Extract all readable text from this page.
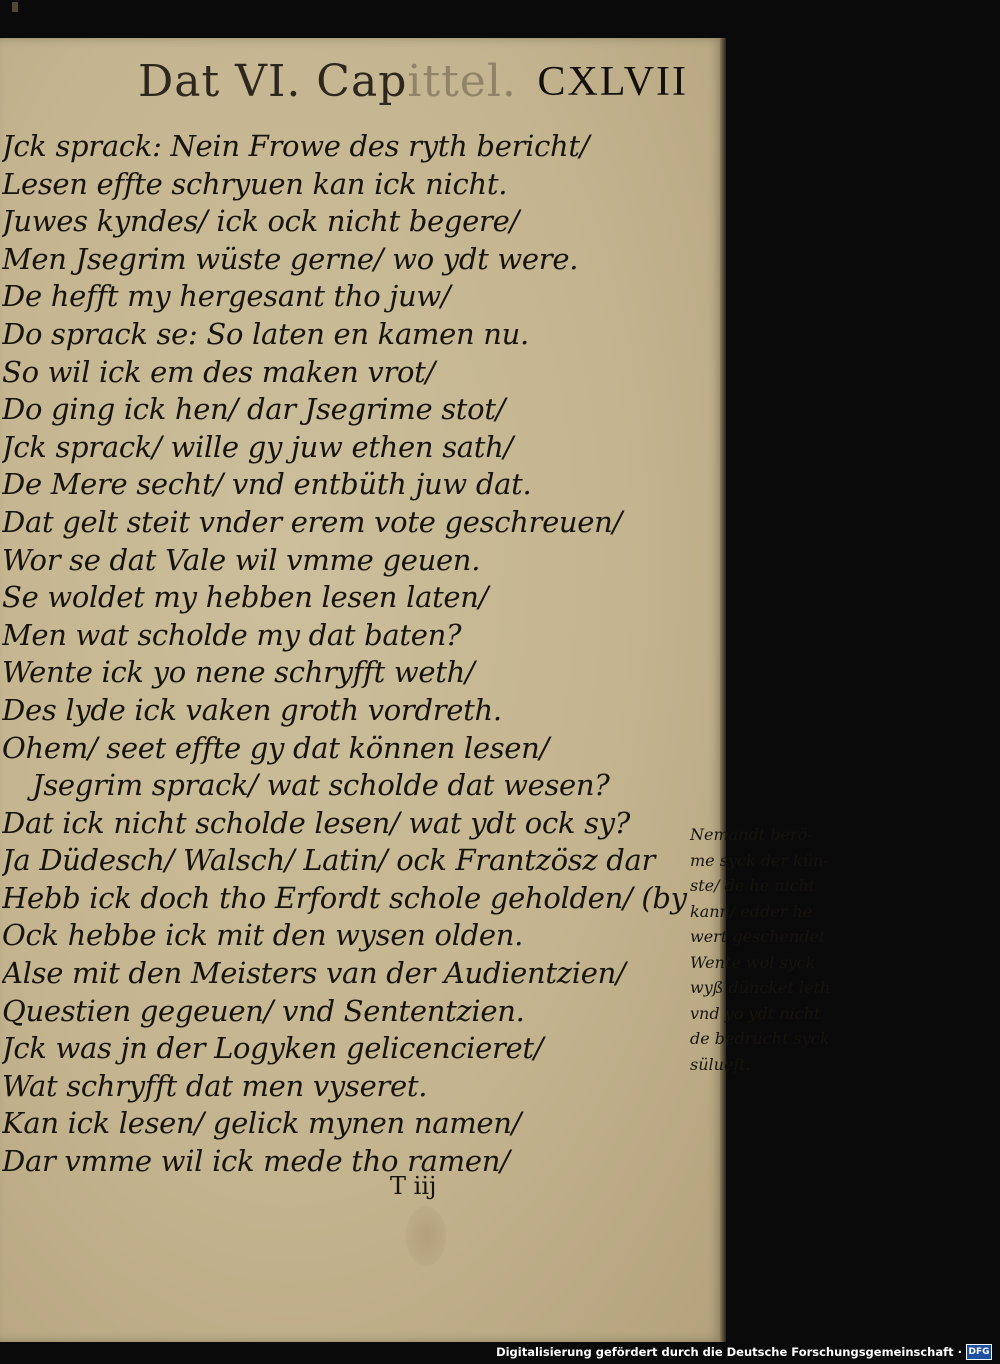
Dat VI. Capittel. CXLVII
Jck sprack: Nein Frowe des ryth bericht/
Lesen effte schryuen kan ick nicht.
Juwes kyndes/ ick ock nicht begere/
Men Jsegrim wüste gerne/ wo ydt were.
De hefft my hergesant tho juw/
Do sprack se: So laten en kamen nu.
So wil ick em des maken vrot/
Do ging ick hen/ dar Jsegrime stot/
Jck sprack/ wille gy juw ethen sath/
De Mere secht/ vnd entbüth juw dat.
Dat gelt steit vnder erem vote geschreuen/
Wor se dat Vale wil vmme geuen.
Se woldet my hebben lesen laten/
Men wat scholde my dat baten?
Wente ick yo nene schryfft weth/
Des lyde ick vaken groth vordreth.
Ohem/ seet effte gy dat können lesen/
Jsegrim sprack/ wat scholde dat wesen?
Dat ick nicht scholde lesen/ wat ydt ock sy?
Ja Düdesch/ Walsch/ Latin/ ock Frantzösz dar
Hebb ick doch tho Erfordt schole geholden/ (by
Ock hebbe ick mit den wysen olden.
Alse mit den Meisters van der Audientzien/
Questien gegeuen/ vnd Sententzien.
Jck was jn der Logyken gelicencieret/
Wat schryfft dat men vyseret.
Kan ick lesen/ gelick mynen namen/
Dar vmme wil ick mede tho ramen/
Nemandt berö-
me syck der kün-
ste/ de he nicht
kann/ edder he
wert geschendet
Wente wol syck
wyß düncket leth
vnd yo ydt nicht
de bedrücht syck
sülueſt.
T iij
Digitalisierung gefördert durch die Deutsche Forschungsgemeinschaft · DFG
